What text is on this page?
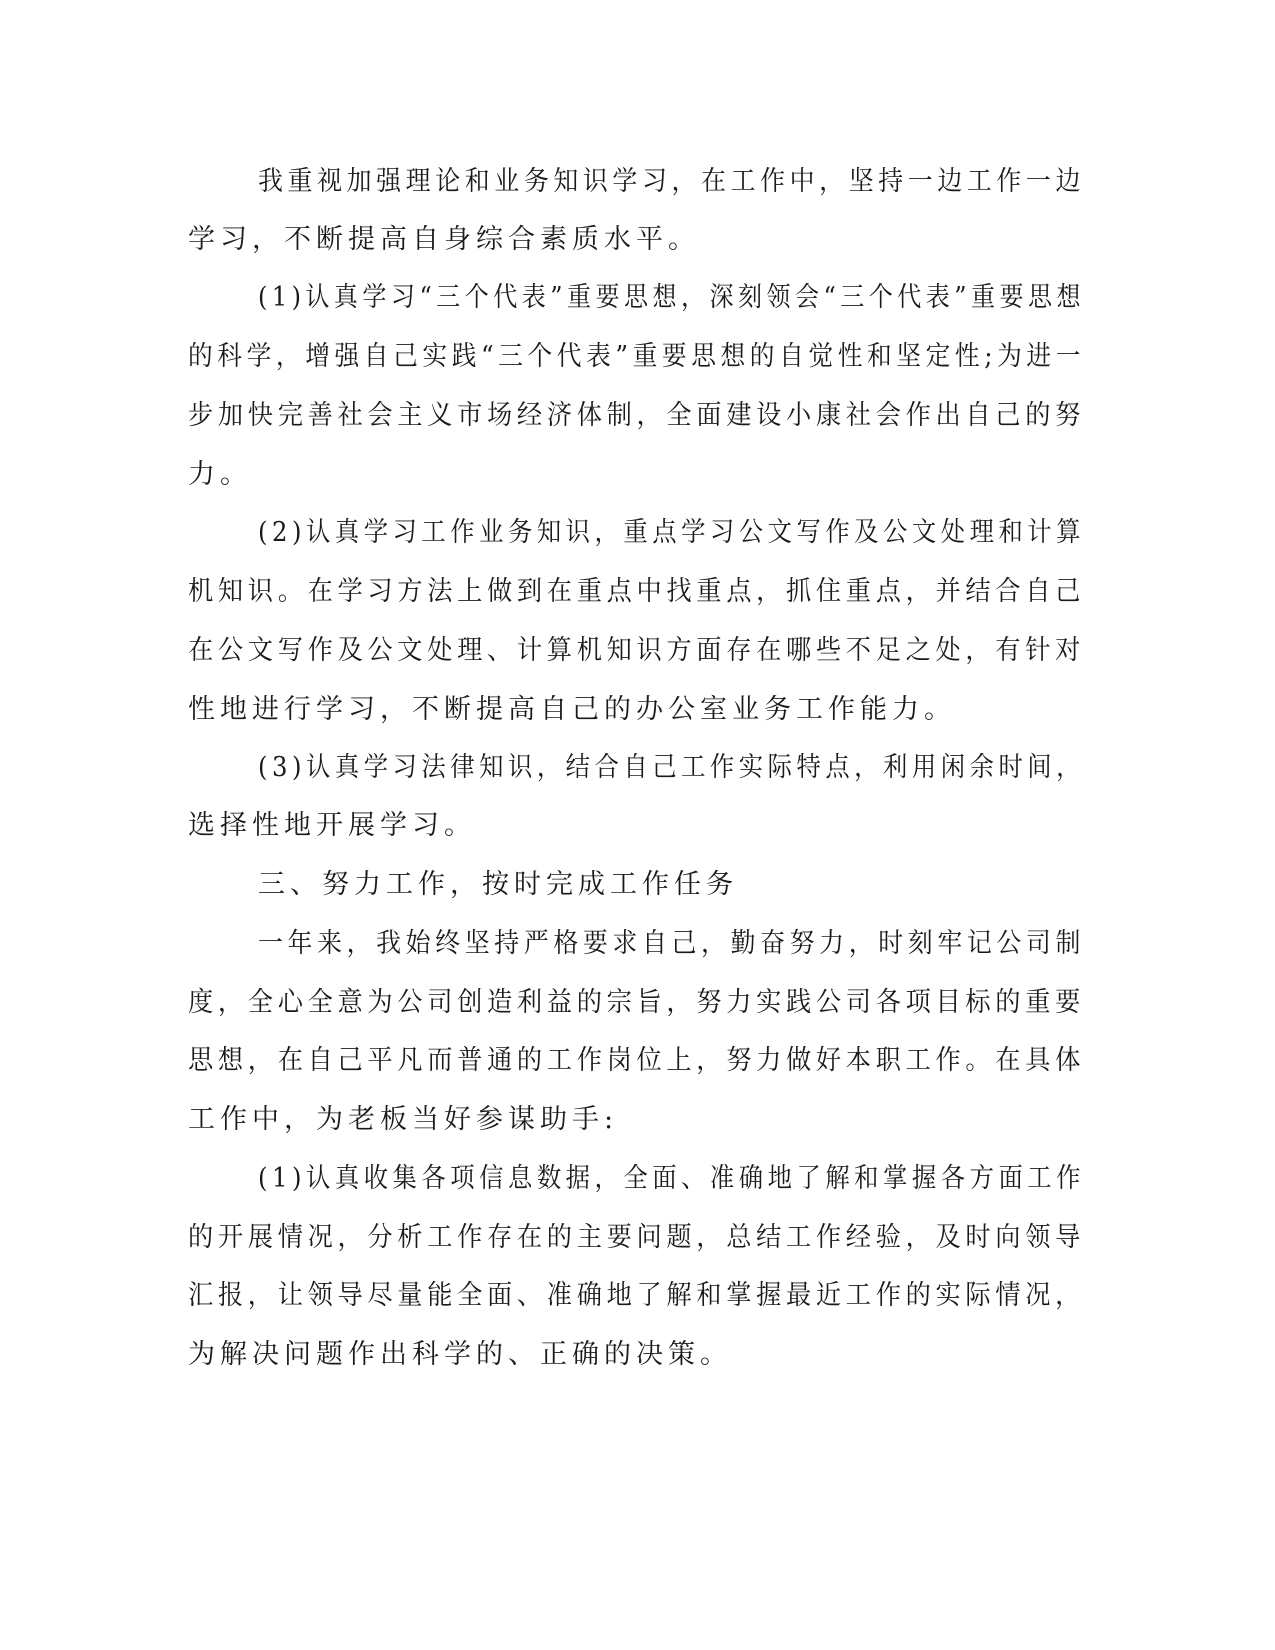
我重视加强理论和业务知识学习，在工作中，坚持一边工作一边
学习，不断提高自身综合素质水平。
(1)认真学习“三个代表”重要思想，深刻领会“三个代表”重要思想
的科学，增强自己实践“三个代表”重要思想的自觉性和坚定性;为进一
步加快完善社会主义市场经济体制，全面建设小康社会作出自己的努
力。
(2)认真学习工作业务知识，重点学习公文写作及公文处理和计算
机知识。在学习方法上做到在重点中找重点，抓住重点，并结合自己
在公文写作及公文处理、计算机知识方面存在哪些不足之处，有针对
性地进行学习，不断提高自己的办公室业务工作能力。
(3)认真学习法律知识，结合自己工作实际特点，利用闲余时间，
选择性地开展学习。
三、努力工作，按时完成工作任务
一年来，我始终坚持严格要求自己，勤奋努力，时刻牢记公司制
度，全心全意为公司创造利益的宗旨，努力实践公司各项目标的重要
思想，在自己平凡而普通的工作岗位上，努力做好本职工作。在具体
工作中，为老板当好参谋助手:
(1)认真收集各项信息数据，全面、准确地了解和掌握各方面工作
的开展情况，分析工作存在的主要问题，总结工作经验，及时向领导
汇报，让领导尽量能全面、准确地了解和掌握最近工作的实际情况，
为解决问题作出科学的、正确的决策。
